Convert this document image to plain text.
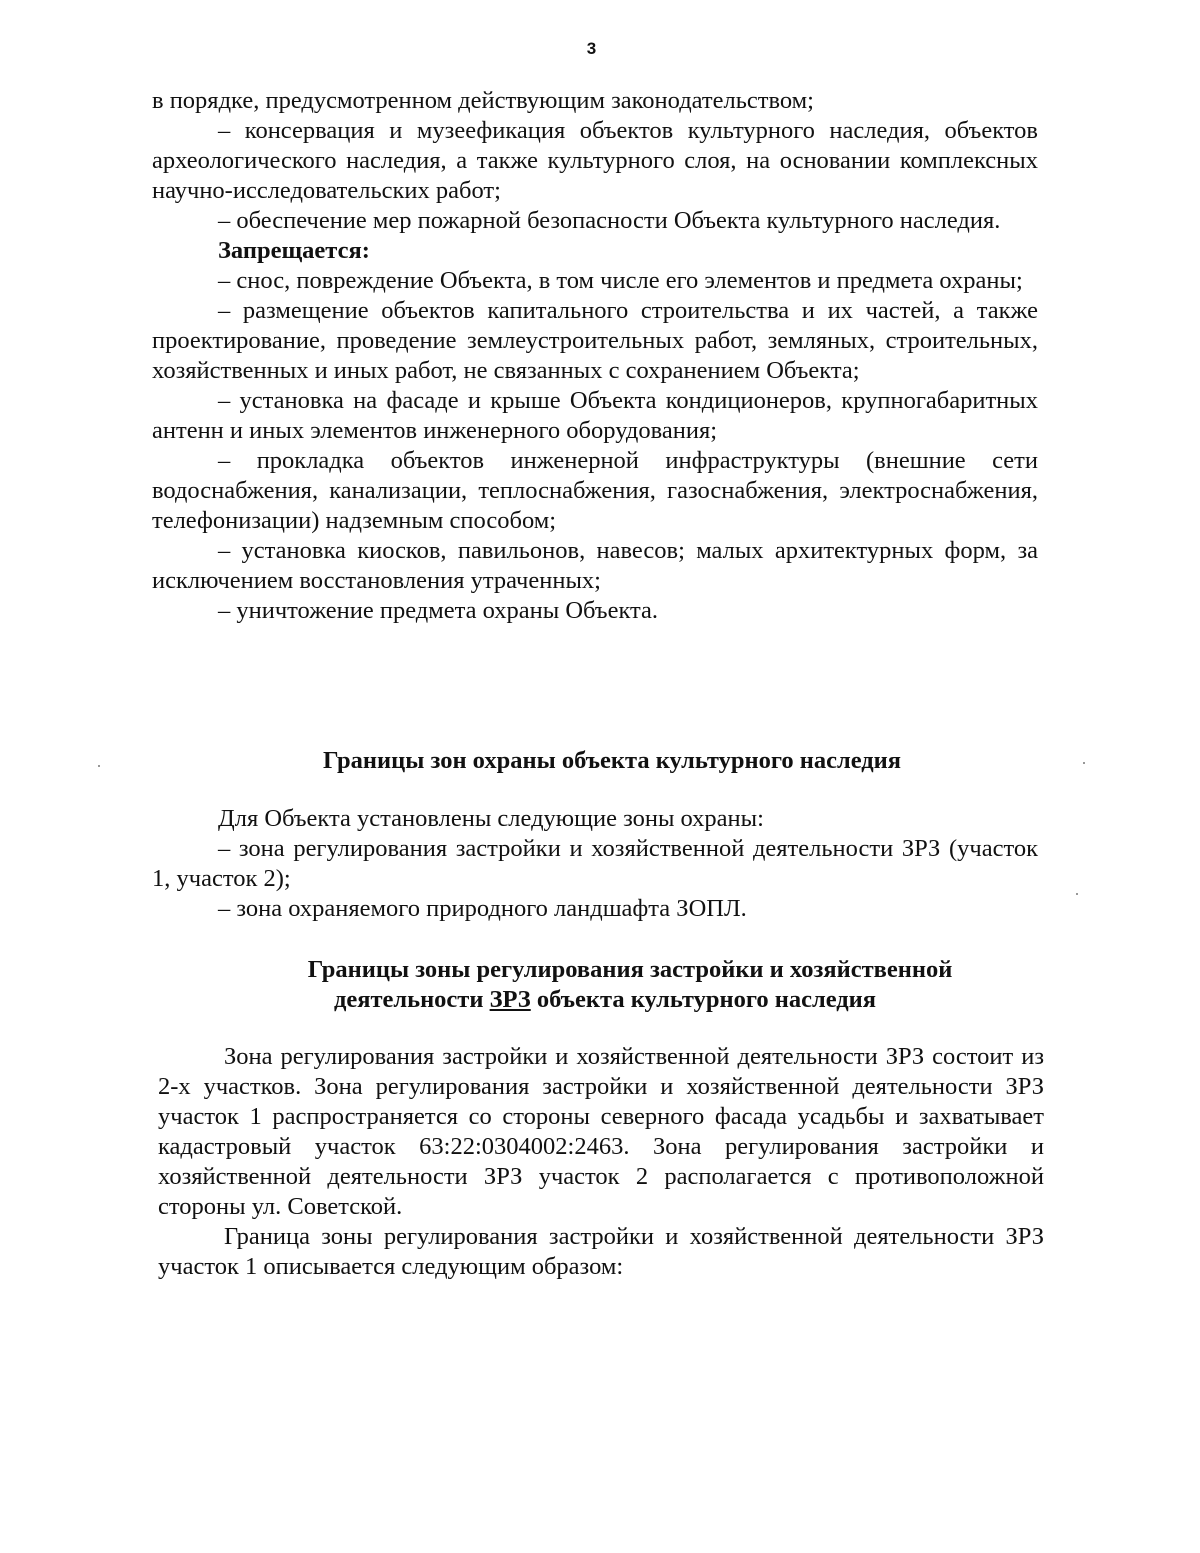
3

в порядке, предусмотренном действующим законодательством;

– консервация и музеефикация объектов культурного наследия, объектов археологического наследия, а также культурного слоя, на основании комплексных научно-исследовательских работ;

– обеспечение мер пожарной безопасности Объекта культурного наследия.

Запрещается:

– снос, повреждение Объекта, в том числе его элементов и предмета охраны;

– размещение объектов капитального строительства и их частей, а также проектирование, проведение землеустроительных работ, земляных, строительных, хозяйственных и иных работ, не связанных с сохранением Объекта;

– установка на фасаде и крыше Объекта кондиционеров, крупногабаритных антенн и иных элементов инженерного оборудования;

– прокладка объектов инженерной инфраструктуры (внешние сети водоснабжения, канализации, теплоснабжения, газоснабжения, электроснабжения, телефонизации) надземным способом;

– установка киосков, павильонов, навесов; малых архитектурных форм, за исключением восстановления утраченных;

– уничтожение предмета охраны Объекта.

Границы зон охраны объекта культурного наследия

Для Объекта установлены следующие зоны охраны:

– зона регулирования застройки и хозяйственной деятельности ЗРЗ (участок 1, участок 2);

– зона охраняемого природного ландшафта ЗОПЛ.

Границы зоны регулирования застройки и хозяйственной
деятельности ЗРЗ объекта культурного наследия

Зона регулирования застройки и хозяйственной деятельности ЗРЗ состоит из 2-х участков. Зона регулирования застройки и хозяйственной деятельности ЗРЗ участок 1 распространяется со стороны северного фасада усадьбы и захватывает кадастровый участок 63:22:0304002:2463. Зона регулирования застройки и хозяйственной деятельности ЗРЗ участок 2 располагается с противоположной стороны ул. Советской.

Граница зоны регулирования застройки и хозяйственной деятельности ЗРЗ участок 1 описывается следующим образом:
